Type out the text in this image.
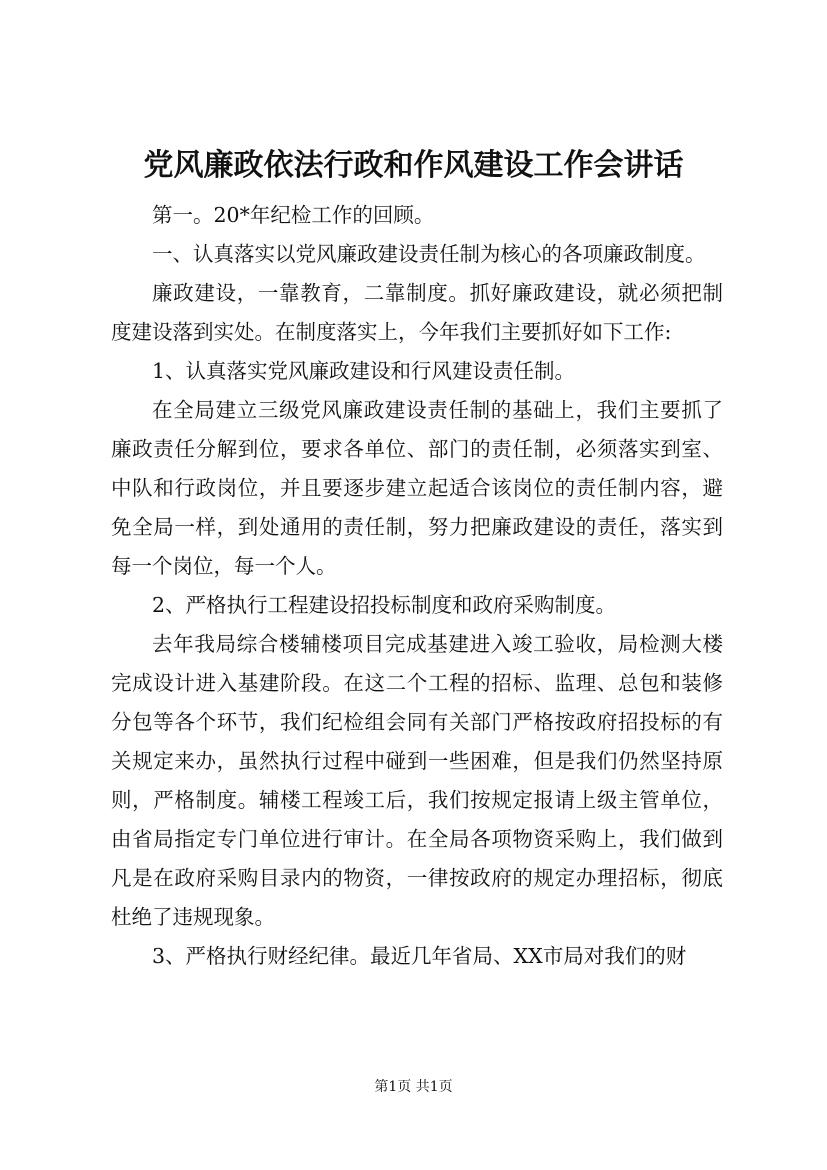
党风廉政依法行政和作风建设工作会讲话

第一。20*年纪检工作的回顾。

一、认真落实以党风廉政建设责任制为核心的各项廉政制度。

廉政建设，一靠教育，二靠制度。抓好廉政建设，就必须把制度建设落到实处。在制度落实上，今年我们主要抓好如下工作:

1、认真落实党风廉政建设和行风建设责任制。

在全局建立三级党风廉政建设责任制的基础上，我们主要抓了廉政责任分解到位，要求各单位、部门的责任制，必须落实到室、中队和行政岗位，并且要逐步建立起适合该岗位的责任制内容，避免全局一样，到处通用的责任制，努力把廉政建设的责任，落实到每一个岗位，每一个人。

2、严格执行工程建设招投标制度和政府采购制度。

去年我局综合楼辅楼项目完成基建进入竣工验收，局检测大楼完成设计进入基建阶段。在这二个工程的招标、监理、总包和装修分包等各个环节，我们纪检组会同有关部门严格按政府招投标的有关规定来办，虽然执行过程中碰到一些困难，但是我们仍然坚持原则，严格制度。辅楼工程竣工后，我们按规定报请上级主管单位，由省局指定专门单位进行审计。在全局各项物资采购上，我们做到凡是在政府采购目录内的物资，一律按政府的规定办理招标，彻底杜绝了违规现象。

3、严格执行财经纪律。最近几年省局、XX市局对我们的财

第1页 共1页
